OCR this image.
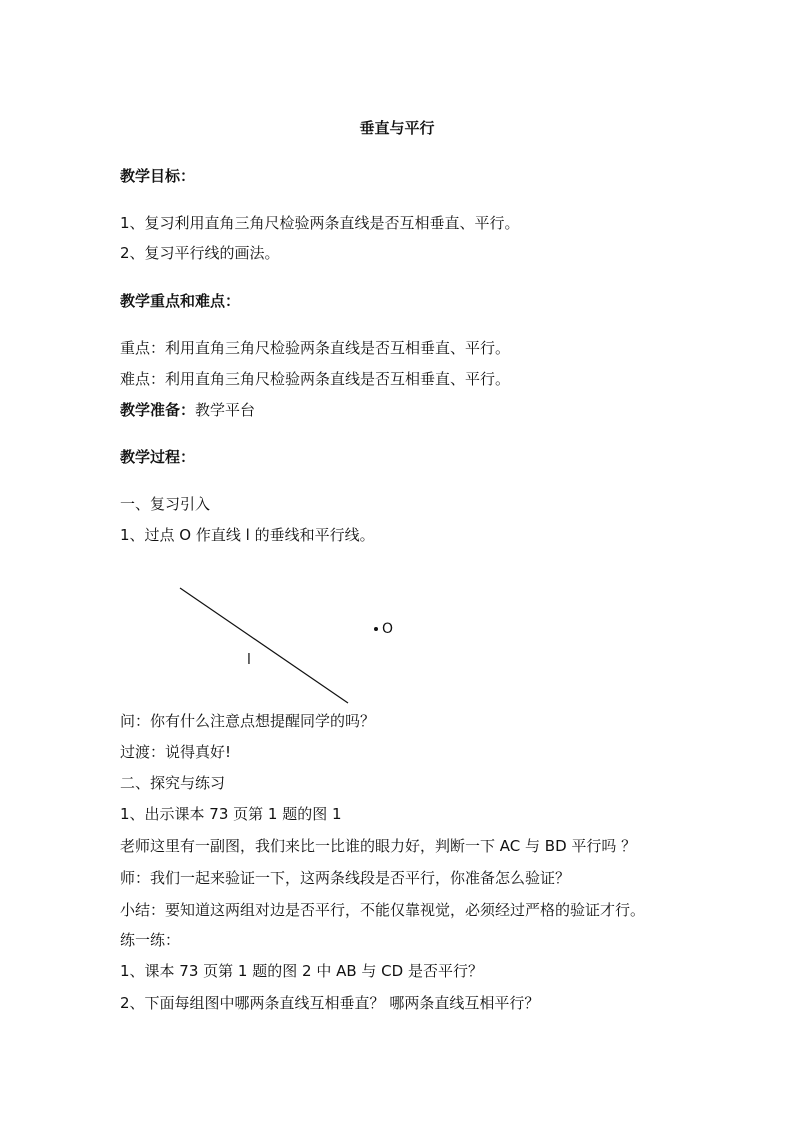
垂直与平行
教学目标：
1、复习利用直角三角尺检验两条直线是否互相垂直、平行。
2、复习平行线的画法。
教学重点和难点：
重点：利用直角三角尺检验两条直线是否互相垂直、平行。
难点：利用直角三角尺检验两条直线是否互相垂直、平行。
教学准备：教学平台
教学过程：
一、复习引入
1、过点 O 作直线 l 的垂线和平行线。
O
l
问：你有什么注意点想提醒同学的吗？
过渡：说得真好!
二、探究与练习
1、出示课本 73 页第 1 题的图 1
老师这里有一副图，我们来比一比谁的眼力好，判断一下 AC 与 BD 平行吗 ？
师：我们一起来验证一下，这两条线段是否平行，你准备怎么验证？
小结：要知道这两组对边是否平行，不能仅靠视觉，必须经过严格的验证才行。
练一练：
1、课本 73 页第 1 题的图 2 中 AB 与 CD 是否平行？
2、下面每组图中哪两条直线互相垂直？ 哪两条直线互相平行？
